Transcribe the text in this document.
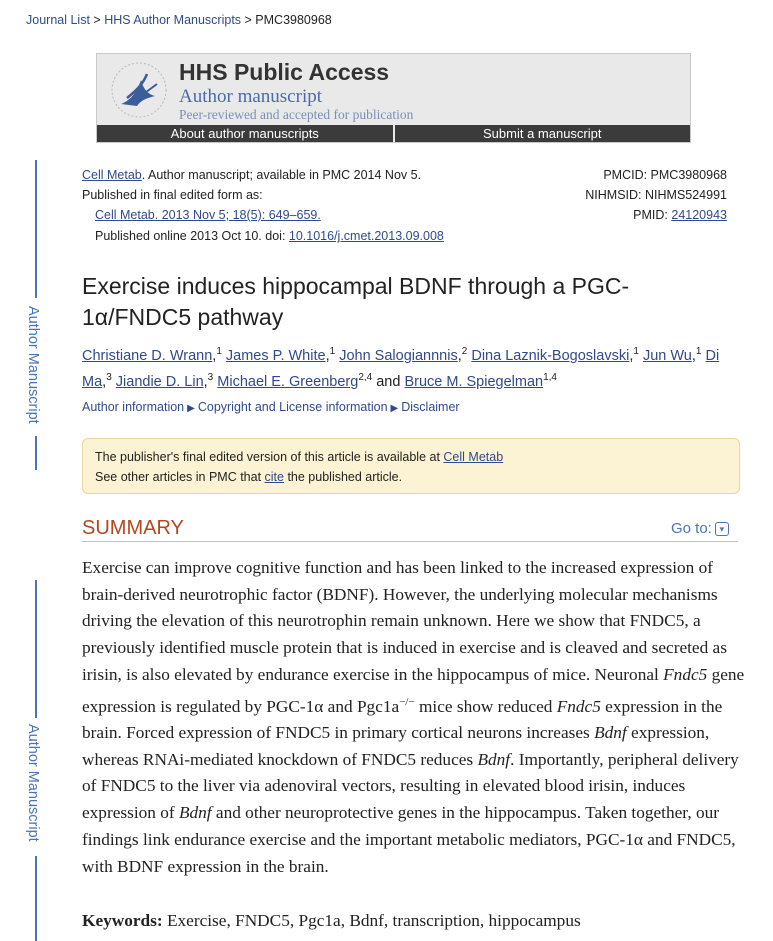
Journal List > HHS Author Manuscripts > PMC3980968
HHS Public Access
Author manuscript
Peer-reviewed and accepted for publication
About author manuscripts	Submit a manuscript
Author Manuscript
Author Manuscript
Cell Metab. Author manuscript; available in PMC 2014 Nov 5.
Published in final edited form as:
Cell Metab. 2013 Nov 5; 18(5): 649–659.
Published online 2013 Oct 10. doi: 10.1016/j.cmet.2013.09.008
PMCID: PMC3980968
NIHMSID: NIHMS524991
PMID: 24120943
Exercise induces hippocampal BDNF through a PGC-1α/FNDC5 pathway
Christiane D. Wrann,$^1$ James P. White,$^1$ John Salogiannnis,$^2$ Dina Laznik-Bogoslavski,$^1$ Jun Wu,$^1$ Di Ma,$^3$ Jiandie D. Lin,$^3$ Michael E. Greenberg$^{2,4}$ and Bruce M. Spiegelman$^{1,4}$
Author information ▶ Copyright and License information ▶ Disclaimer
The publisher's final edited version of this article is available at Cell Metab
See other articles in PMC that cite the published article.
SUMMARY	Go to: ▾
Exercise can improve cognitive function and has been linked to the increased expression of brain-derived neurotrophic factor (BDNF). However, the underlying molecular mechanisms driving the elevation of this neurotrophin remain unknown. Here we show that FNDC5, a previously identified muscle protein that is induced in exercise and is cleaved and secreted as irisin, is also elevated by endurance exercise in the hippocampus of mice. Neuronal Fndc5 gene expression is regulated by PGC-1α and Pgc1a−/− mice show reduced Fndc5 expression in the brain. Forced expression of FNDC5 in primary cortical neurons increases Bdnf expression, whereas RNAi-mediated knockdown of FNDC5 reduces Bdnf. Importantly, peripheral delivery of FNDC5 to the liver via adenoviral vectors, resulting in elevated blood irisin, induces expression of Bdnf and other neuroprotective genes in the hippocampus. Taken together, our findings link endurance exercise and the important metabolic mediators, PGC-1α and FNDC5, with BDNF expression in the brain.
Keywords: Exercise, FNDC5, Pgc1a, Bdnf, transcription, hippocampus
